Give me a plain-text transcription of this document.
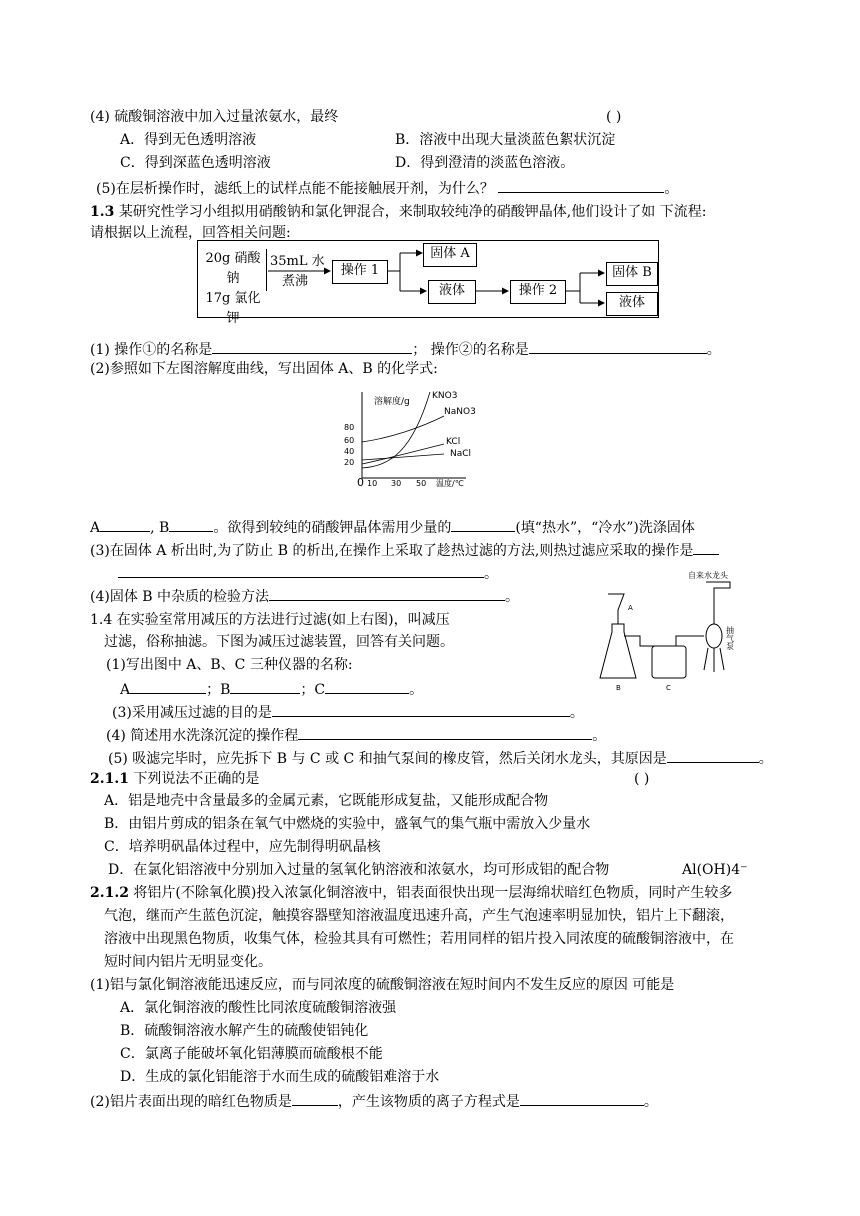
(4) 硫酸铜溶液中加入过量浓氨水，最终	( )
A．得到无色透明溶液	B．溶液中出现大量淡蓝色絮状沉淀
C．得到深蓝色透明溶液	D．得到澄清的淡蓝色溶液。
(5)在层析操作时，滤纸上的试样点能不能接触展开剂，为什么？	。
1.3 某研究性学习小组拟用硝酸钠和氯化钾混合，来制取较纯净的硝酸钾晶体,他们设计了如 下流程:
请根据以上流程，回答相关问题:
20g 硝酸钠
17g 氯化钾
35mL 水
煮沸
操作 1
固体 A
液体	操作 2
固体 B
液体
(1) 操作①的名称是	； 操作②的名称是	。
(2)参照如下左图溶解度曲线，写出固体 A、B 的化学式:
溶解度/g
80
60
40
20
0 10 30 50 温度/℃
KNO3
NaNO3
KCl
NaCl
A	, B	。欲得到较纯的硝酸钾晶体需用少量的	(填“热水”，“冷水”)洗涤固体
(3)在固体 A 析出时,为了防止 B 的析出,在操作上采取了趁热过滤的方法,则热过滤应采取的操作是
。
(4)固体 B 中杂质的检验方法	。
自来水龙头
A
B	C
抽气泵
1.4 在实验室常用减压的方法进行过滤(如上右图)，叫减压
过滤，俗称抽滤。下图为减压过滤装置，回答有关问题。
(1)写出图中 A、B、C 三种仪器的名称:
A	；B	；C	。
(3)采用减压过滤的目的是	。
(4) 简述用水洗涤沉淀的操作程	。
(5) 吸滤完毕时，应先拆下 B 与 C 或 C 和抽气泵间的橡皮管，然后关闭水龙头，其原因是	。
2.1.1 下列说法不正确的是	( )
A．铝是地壳中含量最多的金属元素，它既能形成复盐，又能形成配合物
B．由铝片剪成的铝条在氧气中燃烧的实验中，盛氧气的集气瓶中需放入少量水
C．培养明矾晶体过程中，应先制得明矾晶核
D．在氯化铝溶液中分别加入过量的氢氧化钠溶液和浓氨水，均可形成铝的配合物	Al(OH)4⁻
2.1.2 将铝片(不除氧化膜)投入浓氯化铜溶液中，铝表面很快出现一层海绵状暗红色物质，同时产生较多
气泡，继而产生蓝色沉淀，触摸容器壁知溶液温度迅速升高，产生气泡速率明显加快，铝片上下翻滚，
溶液中出现黑色物质，收集气体，检验其具有可燃性；若用同样的铝片投入同浓度的硫酸铜溶液中，在
短时间内铝片无明显变化。
(1)铝与氯化铜溶液能迅速反应，而与同浓度的硫酸铜溶液在短时间内不发生反应的原因 可能是
A．氯化铜溶液的酸性比同浓度硫酸铜溶液强
B．硫酸铜溶液水解产生的硫酸使铝钝化
C．氯离子能破坏氧化铝薄膜而硫酸根不能
D．生成的氯化铝能溶于水而生成的硫酸铝难溶于水
(2)铝片表面出现的暗红色物质是	，产生该物质的离子方程式是	。
